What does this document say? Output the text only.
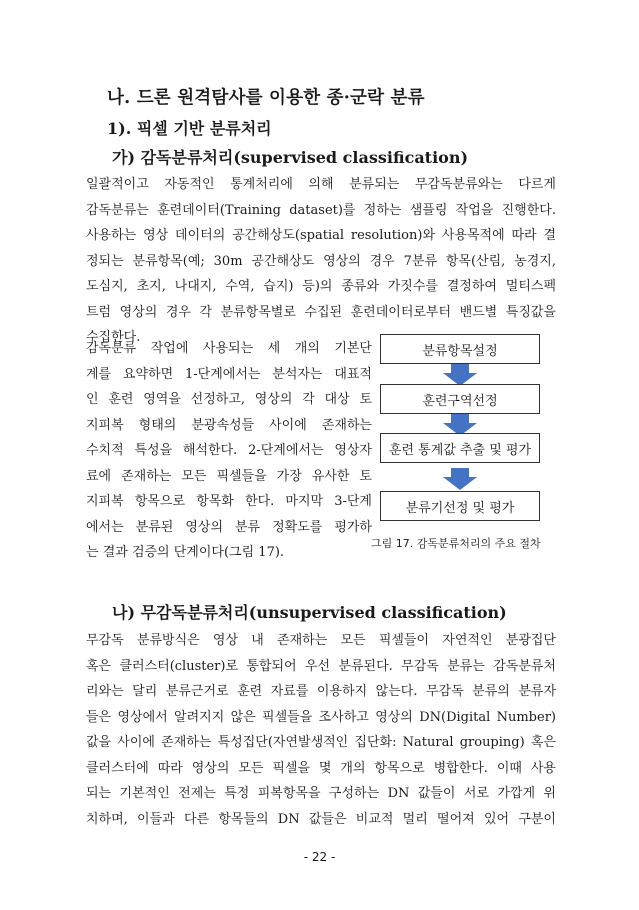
나. 드론 원격탐사를 이용한 종·군락 분류
1). 픽셀 기반 분류처리
가) 감독분류처리(supervised classification)
일괄적이고 자동적인 통계처리에 의해 분류되는 무감독분류와는 다르게
감독분류는 훈련데이터(Training dataset)를 정하는 샘플링 작업을 진행한다.
사용하는 영상 데이터의 공간해상도(spatial resolution)와 사용목적에 따라 결
정되는 분류항목(예; 30m 공간해상도 영상의 경우 7분류 항목(산림, 농경지,
도심지, 초지, 나대지, 수역, 습지) 등)의 종류와 가짓수를 결정하여 멀티스펙
트럼 영상의 경우 각 분류항목별로 수집된 훈련데이터로부터 밴드별 특징값을
수집한다.
감독분류 작업에 사용되는 세 개의 기본단
계를 요약하면 1-단계에서는 분석자는 대표적
인 훈련 영역을 선정하고, 영상의 각 대상 토
지피복 형태의 분광속성들 사이에 존재하는
수치적 특성을 해석한다. 2-단계에서는 영상자
료에 존재하는 모든 픽셀들을 가장 유사한 토
지피복 항목으로 항목화 한다. 마지막 3-단계
에서는 분류된 영상의 분류 정확도를 평가하
는 결과 검증의 단계이다(그림 17).
분류항목설정
훈련구역선정
훈련 통계값 추출 및 평가
분류기선정 및 평가
그림 17. 감독분류처리의 주요 절차
나) 무감독분류처리(unsupervised classification)
무감독 분류방식은 영상 내 존재하는 모든 픽셀들이 자연적인 분광집단
혹은 클러스터(cluster)로 통합되어 우선 분류된다. 무감독 분류는 감독분류처
리와는 달리 분류근거로 훈련 자료를 이용하지 않는다. 무감독 분류의 분류자
들은 영상에서 알려지지 않은 픽셀들을 조사하고 영상의 DN(Digital Number)
값을 사이에 존재하는 특성집단(자연발생적인 집단화: Natural grouping) 혹은
클러스터에 따라 영상의 모든 픽셀을 몇 개의 항목으로 병합한다. 이때 사용
되는 기본적인 전제는 특정 피복항목을 구성하는 DN 값들이 서로 가깝게 위
치하며, 이들과 다른 항목들의 DN 값들은 비교적 멀리 떨어져 있어 구분이
- 22 -
